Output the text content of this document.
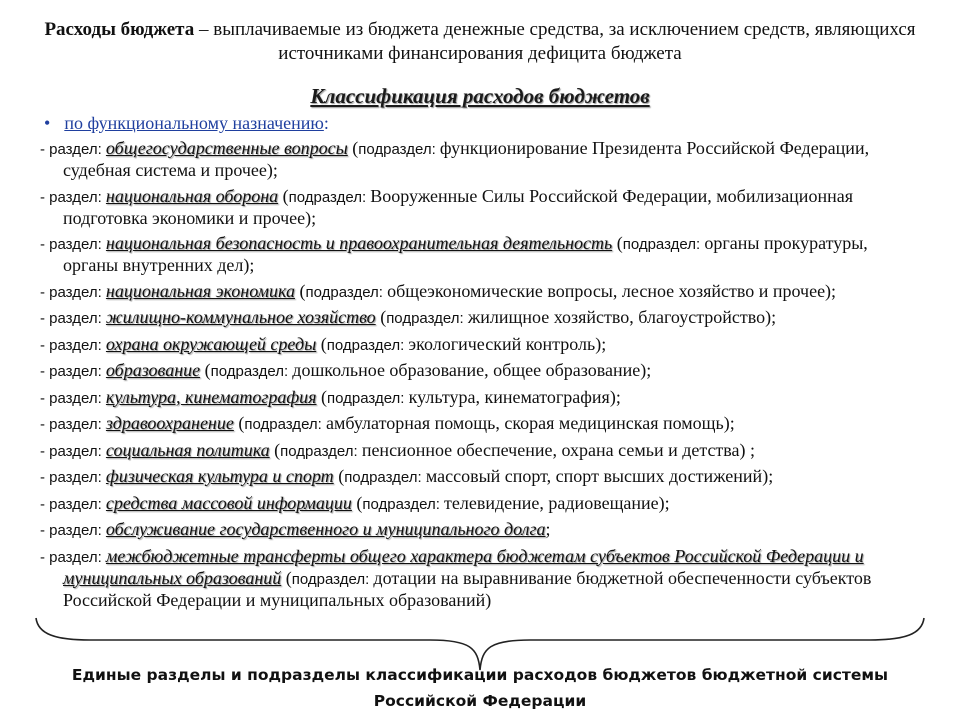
Расходы бюджета – выплачиваемые из бюджета денежные средства, за исключением средств, являющихся источниками финансирования дефицита бюджета
Классификация расходов бюджетов
• по функциональному назначению:
- раздел: общегосударственные вопросы (подраздел: функционирование Президента Российской Федерации, судебная система и прочее);
- раздел: национальная оборона (подраздел: Вооруженные Силы Российской Федерации, мобилизационная подготовка экономики и прочее);
- раздел: национальная безопасность и правоохранительная деятельность (подраздел: органы прокуратуры, органы внутренних дел);
- раздел: национальная экономика (подраздел: общеэкономические вопросы, лесное хозяйство и прочее);
- раздел: жилищно-коммунальное хозяйство (подраздел: жилищное хозяйство, благоустройство);
- раздел: охрана окружающей среды (подраздел: экологический контроль);
- раздел: образование (подраздел: дошкольное образование, общее образование);
- раздел: культура, кинематография (подраздел: культура, кинематография);
- раздел: здравоохранение (подраздел: амбулаторная помощь, скорая медицинская помощь);
- раздел: социальная политика (подраздел: пенсионное обеспечение, охрана семьи и детства) ;
- раздел: физическая культура и спорт (подраздел: массовый спорт, спорт высших достижений);
- раздел: средства массовой информации (подраздел: телевидение, радиовещание);
- раздел: обслуживание государственного и муниципального долга;
- раздел: межбюджетные трансферты общего характера бюджетам субъектов Российской Федерации и муниципальных образований (подраздел: дотации на выравнивание бюджетной обеспеченности субъектов Российской Федерации и муниципальных образований)
Единые разделы и подразделы классификации расходов бюджетов бюджетной системы Российской Федерации
